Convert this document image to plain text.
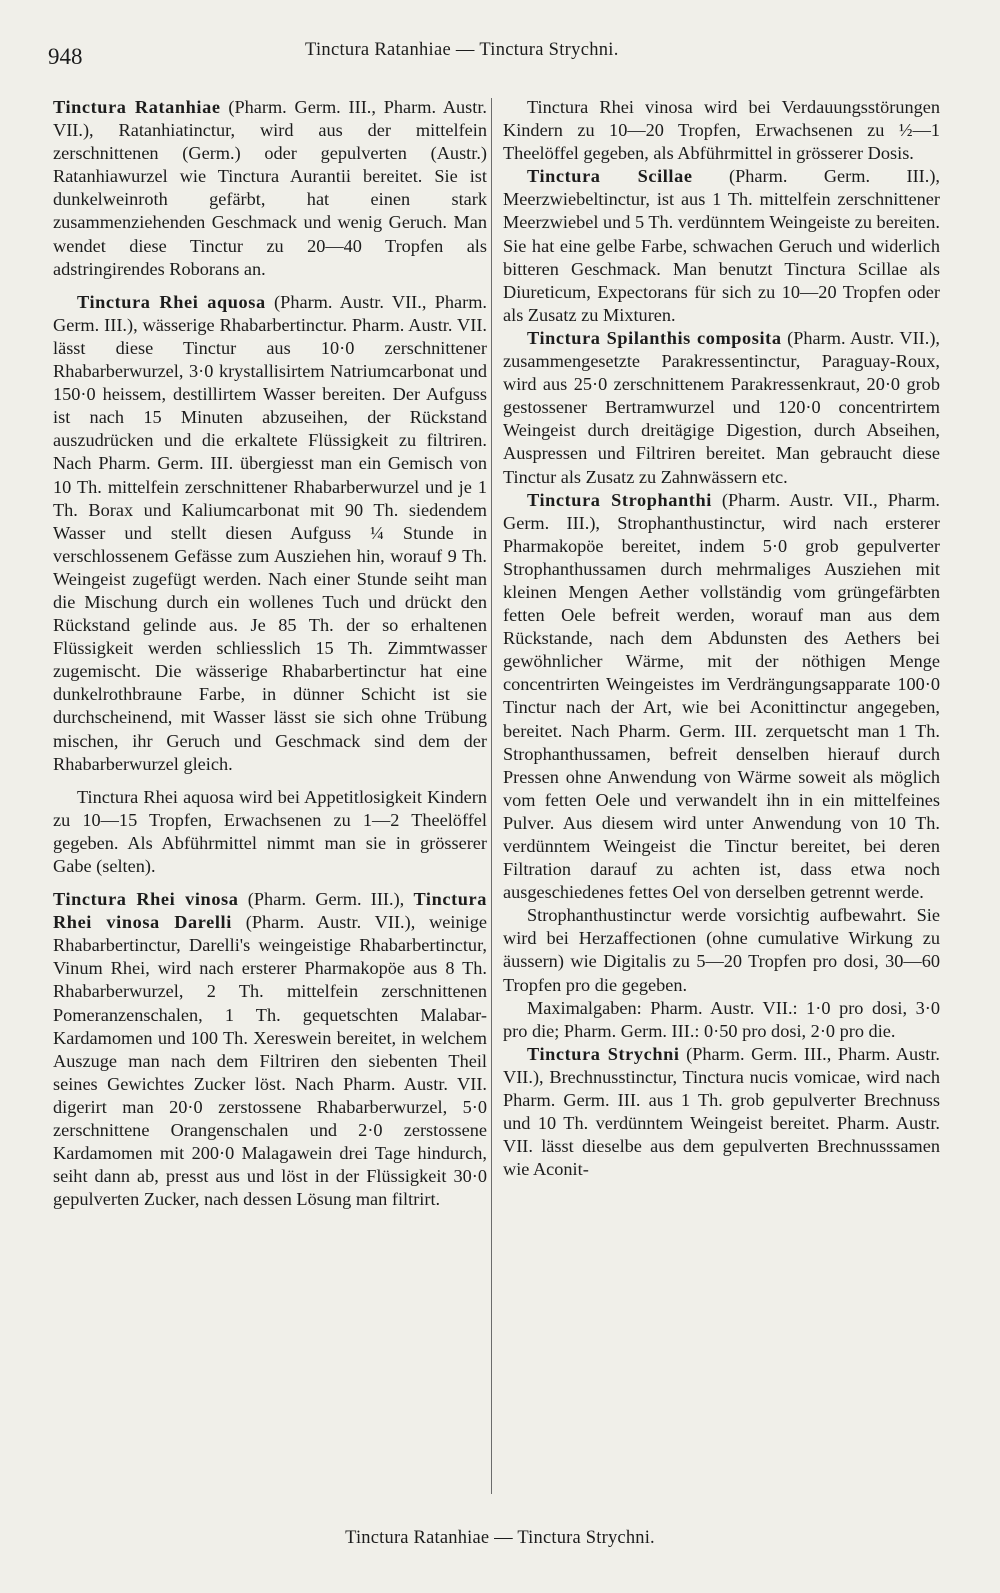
948	Tinctura Ratanhiae — Tinctura Strychni.

Tinctura Ratanhiae (Pharm. Germ. III., Pharm. Austr. VII.), Ratanhiatinctur, wird aus der mittelfein zerschnittenen (Germ.) oder gepulverten (Austr.) Ratanhiawurzel wie Tinctura Aurantii bereitet. Sie ist dunkelweinroth gefärbt, hat einen stark zusammenziehenden Geschmack und wenig Geruch. Man wendet diese Tinctur zu 20—40 Tropfen als adstringirendes Roborans an.

Tinctura Rhei aquosa (Pharm. Austr. VII., Pharm. Germ. III.), wässerige Rhabarbertinctur. Pharm. Austr. VII. lässt diese Tinctur aus 10·0 zerschnittener Rhabarberwurzel, 3·0 krystallisirtem Natriumcarbonat und 150·0 heissem, destillirtem Wasser bereiten. Der Aufguss ist nach 15 Minuten abzuseihen, der Rückstand auszudrücken und die erkaltete Flüssigkeit zu filtriren. Nach Pharm. Germ. III. übergiesst man ein Gemisch von 10 Th. mittelfein zerschnittener Rhabarberwurzel und je 1 Th. Borax und Kaliumcarbonat mit 90 Th. siedendem Wasser und stellt diesen Aufguss ¼ Stunde in verschlossenem Gefässe zum Ausziehen hin, worauf 9 Th. Weingeist zugefügt werden. Nach einer Stunde seiht man die Mischung durch ein wollenes Tuch und drückt den Rückstand gelinde aus. Je 85 Th. der so erhaltenen Flüssigkeit werden schliesslich 15 Th. Zimmtwasser zugemischt. Die wässerige Rhabarbertinctur hat eine dunkelrothbraune Farbe, in dünner Schicht ist sie durchscheinend, mit Wasser lässt sie sich ohne Trübung mischen, ihr Geruch und Geschmack sind dem der Rhabarberwurzel gleich.

Tinctura Rhei aquosa wird bei Appetitlosigkeit Kindern zu 10—15 Tropfen, Erwachsenen zu 1—2 Theelöffel gegeben. Als Abführmittel nimmt man sie in grösserer Gabe (selten).

Tinctura Rhei vinosa (Pharm. Germ. III.), Tinctura Rhei vinosa Darelli (Pharm. Austr. VII.), weinige Rhabarbertinctur, Darelli's weingeistige Rhabarbertinctur, Vinum Rhei, wird nach ersterer Pharmakopöe aus 8 Th. Rhabarberwurzel, 2 Th. mittelfein zerschnittenen Pomeranzenschalen, 1 Th. gequetschten Malabar-Kardamomen und 100 Th. Xereswein bereitet, in welchem Auszuge man nach dem Filtriren den siebenten Theil seines Gewichtes Zucker löst. Nach Pharm. Austr. VII. digerirt man 20·0 zerstossene Rhabarberwurzel, 5·0 zerschnittene Orangenschalen und 2·0 zerstossene Kardamomen mit 200·0 Malagawein drei Tage hindurch, seiht dann ab, presst aus und löst in der Flüssigkeit 30·0 gepulverten Zucker, nach dessen Lösung man filtrirt.

Tinctura Rhei vinosa wird bei Verdauungsstörungen Kindern zu 10—20 Tropfen, Erwachsenen zu ½—1 Theelöffel gegeben, als Abführmittel in grösserer Dosis.

Tinctura Scillae (Pharm. Germ. III.), Meerzwiebeltinctur, ist aus 1 Th. mittelfein zerschnittener Meerzwiebel und 5 Th. verdünntem Weingeiste zu bereiten. Sie hat eine gelbe Farbe, schwachen Geruch und widerlich bitteren Geschmack. Man benutzt Tinctura Scillae als Diureticum, Expectorans für sich zu 10—20 Tropfen oder als Zusatz zu Mixturen.

Tinctura Spilanthis composita (Pharm. Austr. VII.), zusammengesetzte Parakressentinctur, Paraguay-Roux, wird aus 25·0 zerschnittenem Parakressenkraut, 20·0 grob gestossener Bertramwurzel und 120·0 concentrirtem Weingeist durch dreitägige Digestion, durch Abseihen, Auspressen und Filtriren bereitet. Man gebraucht diese Tinctur als Zusatz zu Zahnwässern etc.

Tinctura Strophanthi (Pharm. Austr. VII., Pharm. Germ. III.), Strophanthustinctur, wird nach ersterer Pharmakopöe bereitet, indem 5·0 grob gepulverter Strophanthussamen durch mehrmaliges Ausziehen mit kleinen Mengen Aether vollständig vom grüngefärbten fetten Oele befreit werden, worauf man aus dem Rückstande, nach dem Abdunsten des Aethers bei gewöhnlicher Wärme, mit der nöthigen Menge concentrirten Weingeistes im Verdrängungsapparate 100·0 Tinctur nach der Art, wie bei Aconittinctur angegeben, bereitet. Nach Pharm. Germ. III. zerquetscht man 1 Th. Strophanthussamen, befreit denselben hierauf durch Pressen ohne Anwendung von Wärme soweit als möglich vom fetten Oele und verwandelt ihn in ein mittelfeines Pulver. Aus diesem wird unter Anwendung von 10 Th. verdünntem Weingeist die Tinctur bereitet, bei deren Filtration darauf zu achten ist, dass etwa noch ausgeschiedenes fettes Oel von derselben getrennt werde.

Strophanthustinctur werde vorsichtig aufbewahrt. Sie wird bei Herzaffectionen (ohne cumulative Wirkung zu äussern) wie Digitalis zu 5—20 Tropfen pro dosi, 30—60 Tropfen pro die gegeben.

Maximalgaben: Pharm. Austr. VII.: 1·0 pro dosi, 3·0 pro die; Pharm. Germ. III.: 0·50 pro dosi, 2·0 pro die.

Tinctura Strychni (Pharm. Germ. III., Pharm. Austr. VII.), Brechnusstinctur, Tinctura nucis vomicae, wird nach Pharm. Germ. III. aus 1 Th. grob gepulverter Brechnuss und 10 Th. verdünntem Weingeist bereitet. Pharm. Austr. VII. lässt dieselbe aus dem gepulverten Brechnusssamen wie Aconit-

Tinctura Ratanhiae — Tinctura Strychni.
